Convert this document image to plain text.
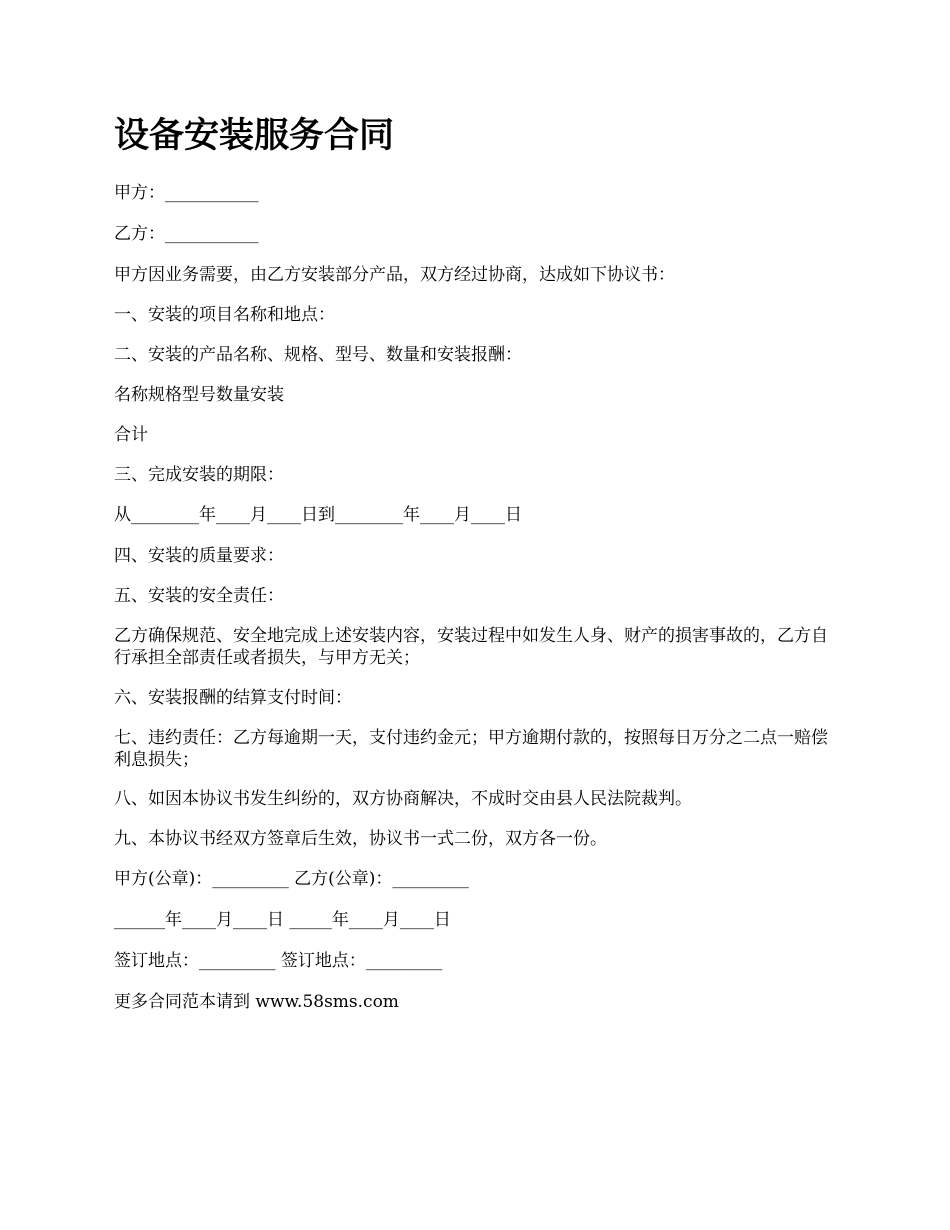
设备安装服务合同

甲方：___________

乙方：___________

甲方因业务需要，由乙方安装部分产品，双方经过协商，达成如下协议书：

一、安装的项目名称和地点：

二、安装的产品名称、规格、型号、数量和安装报酬：

名称规格型号数量安装

合计

三、完成安装的期限：

从________年____月____日到________年____月____日

四、安装的质量要求：

五、安装的安全责任：

乙方确保规范、安全地完成上述安装内容，安装过程中如发生人身、财产的损害事故的，乙方自行承担全部责任或者损失，与甲方无关；

六、安装报酬的结算支付时间：

七、违约责任：乙方每逾期一天，支付违约金元；甲方逾期付款的，按照每日万分之二点一赔偿利息损失；

八、如因本协议书发生纠纷的，双方协商解决，不成时交由县人民法院裁判。

九、本协议书经双方签章后生效，协议书一式二份，双方各一份。

甲方(公章)：_________ 乙方(公章)：_________

______年____月____日 _____年____月____日

签订地点：_________ 签订地点：_________

更多合同范本请到 www.58sms.com
